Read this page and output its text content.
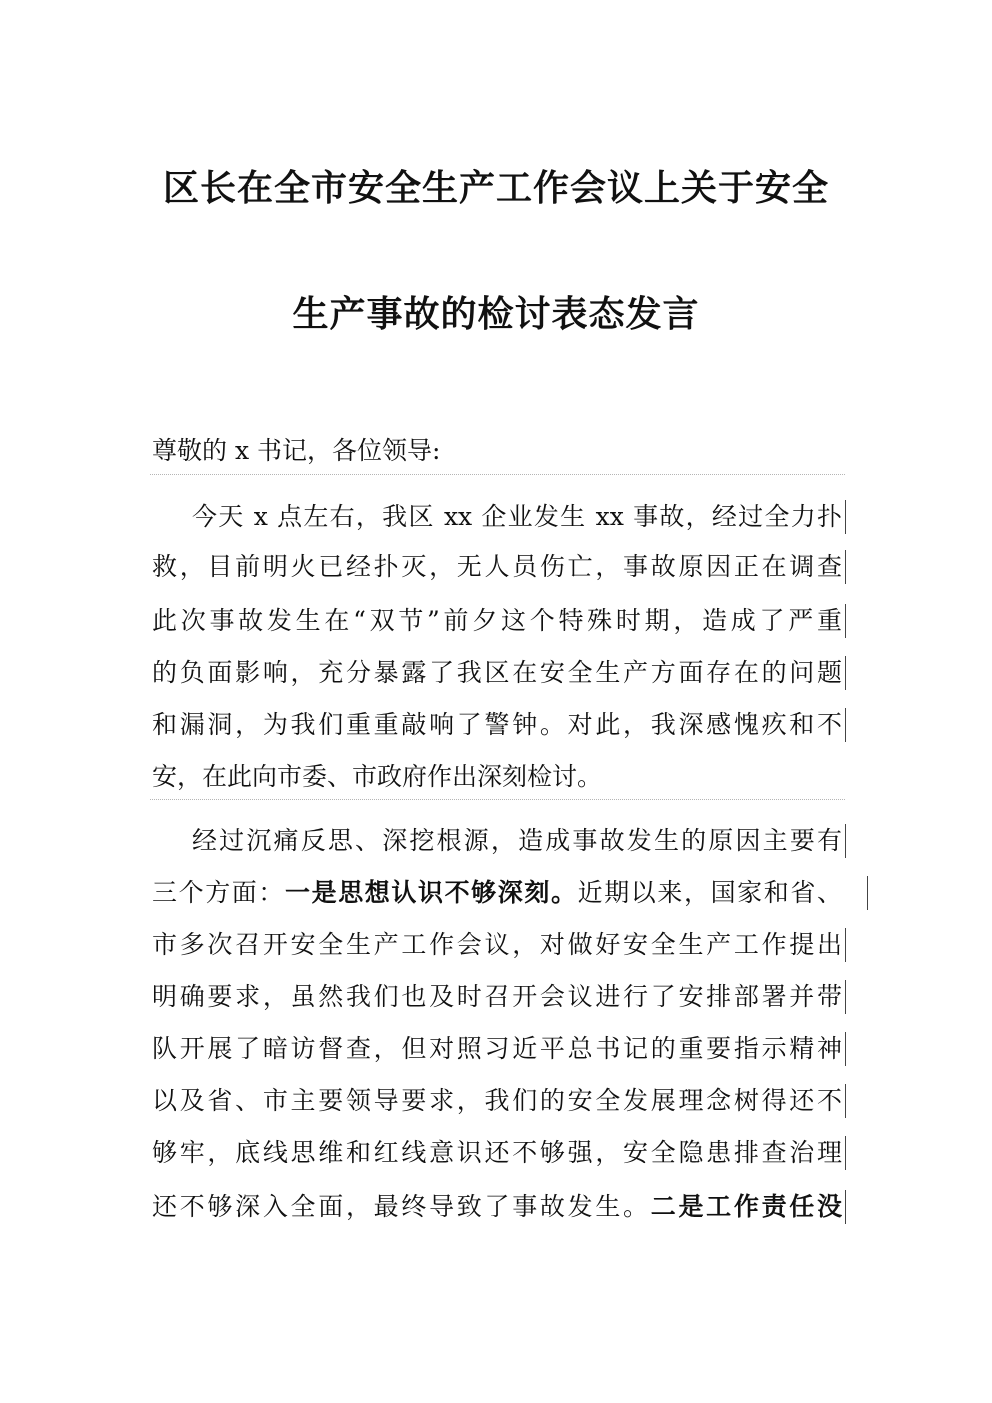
区长在全市安全生产工作会议上关于安全
生产事故的检讨表态发言
尊敬的 x 书记，各位领导:
今天 x 点左右，我区 xx 企业发生 xx 事故，经过全力扑
救，目前明火已经扑灭，无人员伤亡，事故原因正在调查
此次事故发生在“双节”前夕这个特殊时期，造成了严重
的负面影响，充分暴露了我区在安全生产方面存在的问题
和漏洞，为我们重重敲响了警钟。对此，我深感愧疚和不
安，在此向市委、市政府作出深刻检讨。
经过沉痛反思、深挖根源，造成事故发生的原因主要有
三个方面：一是思想认识不够深刻。近期以来，国家和省、
市多次召开安全生产工作会议，对做好安全生产工作提出
明确要求，虽然我们也及时召开会议进行了安排部署并带
队开展了暗访督查，但对照习近平总书记的重要指示精神
以及省、市主要领导要求，我们的安全发展理念树得还不
够牢，底线思维和红线意识还不够强，安全隐患排查治理
还不够深入全面，最终导致了事故发生。二是工作责任没
